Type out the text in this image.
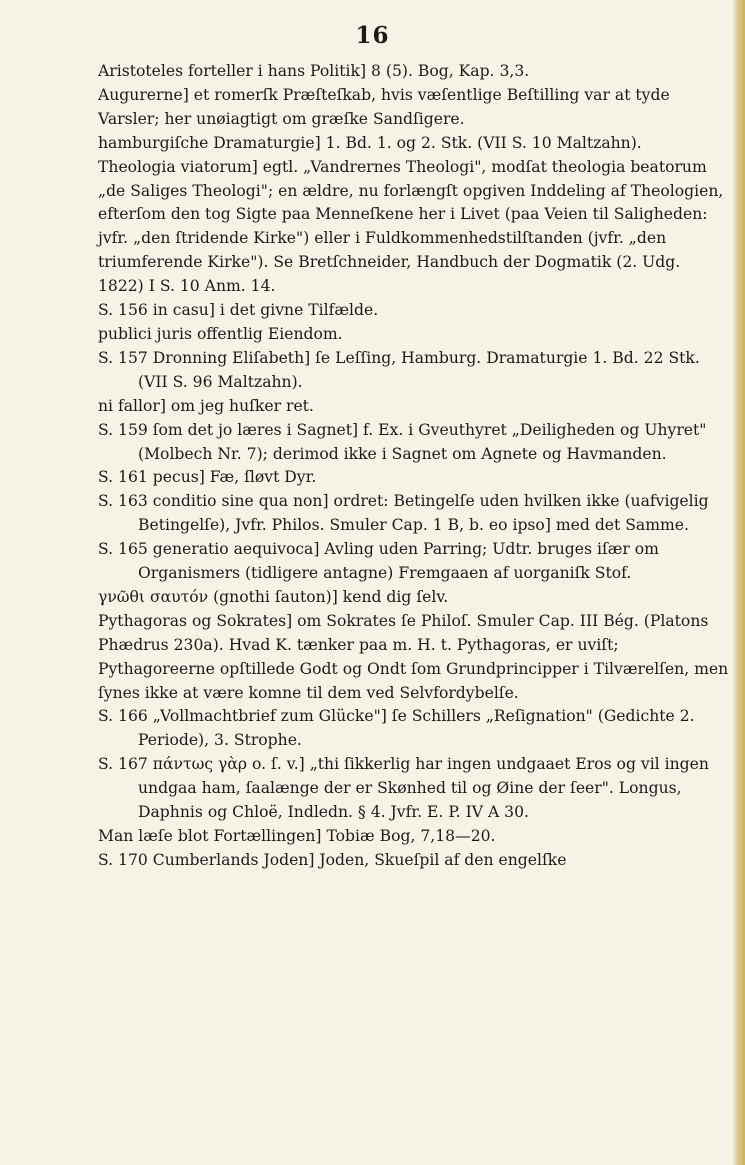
16

Aristoteles forteller i hans Politik] 8 (5). Bog, Kap. 3,3.

Augurerne] et romerſk Præſteſkab, hvis væſentlige Beſtilling var at tyde Varsler; her unøiagtigt om græſke Sandſigere.

hamburgiſche Dramaturgie] 1. Bd. 1. og 2. Stk. (VII S. 10 Maltzahn).

Theologia viatorum] egtl. „Vandrernes Theologi", modſat theologia beatorum „de Saliges Theologi"; en ældre, nu forlængſt opgiven Inddeling af Theologien, efterſom den tog Sigte paa Menneſkene her i Livet (paa Veien til Saligheden: jvfr. „den ſtridende Kirke") eller i Fuldkommenhedstilſtanden (jvfr. „den triumferende Kirke"). Se Bretſchneider, Handbuch der Dogmatik (2. Udg. 1822) I S. 10 Anm. 14.

S. 156 in casu] i det givne Tilfælde.

publici juris offentlig Eiendom.

S. 157 Dronning Eliſabeth] ſe Leſſing, Hamburg. Dramaturgie 1. Bd. 22 Stk. (VII S. 96 Maltzahn).

ni fallor] om jeg huſker ret.

S. 159 ſom det jo læres i Sagnet] f. Ex. i Gveuthyret „Deiligheden og Uhyret" (Molbech Nr. 7); derimod ikke i Sagnet om Agnete og Havmanden.

S. 161 pecus] Fæ, ſløvt Dyr.

S. 163 conditio sine qua non] ordret: Betingelſe uden hvilken ikke (uafvigelig Betingelſe), Jvfr. Philos. Smuler Cap. 1 B, b. eo ipso] med det Samme.

S. 165 generatio aequivoca] Avling uden Parring; Udtr. bruges iſær om Organismers (tidligere antagne) Fremgaaen af uorganiſk Stof.

γνῶθι σαυτόν (gnothi ſauton)] kend dig ſelv.

Pythagoras og Sokrates] om Sokrates ſe Philoſ. Smuler Cap. III Bég. (Platons Phædrus 230a). Hvad K. tænker paa m. H. t. Pythagoras, er uviſt; Pythagoreerne opſtillede Godt og Ondt ſom Grundprincipper i Tilværelſen, men ſynes ikke at være komne til dem ved Selvfordybelſe.

S. 166 „Vollmachtbrief zum Glücke"] ſe Schillers „Reſignation" (Gedichte 2. Periode), 3. Strophe.

S. 167 πάντως γὰρ o. ſ. v.] „thi ſikkerlig har ingen undgaaet Eros og vil ingen undgaa ham, ſaalænge der er Skønhed til og Øine der ſeer". Longus, Daphnis og Chloë, Indledn. § 4. Jvfr. E. P. IV A 30.

Man læſe blot Fortællingen] Tobiæ Bog, 7,18—20.

S. 170 Cumberlands Joden] Joden, Skueſpil af den engelſke
